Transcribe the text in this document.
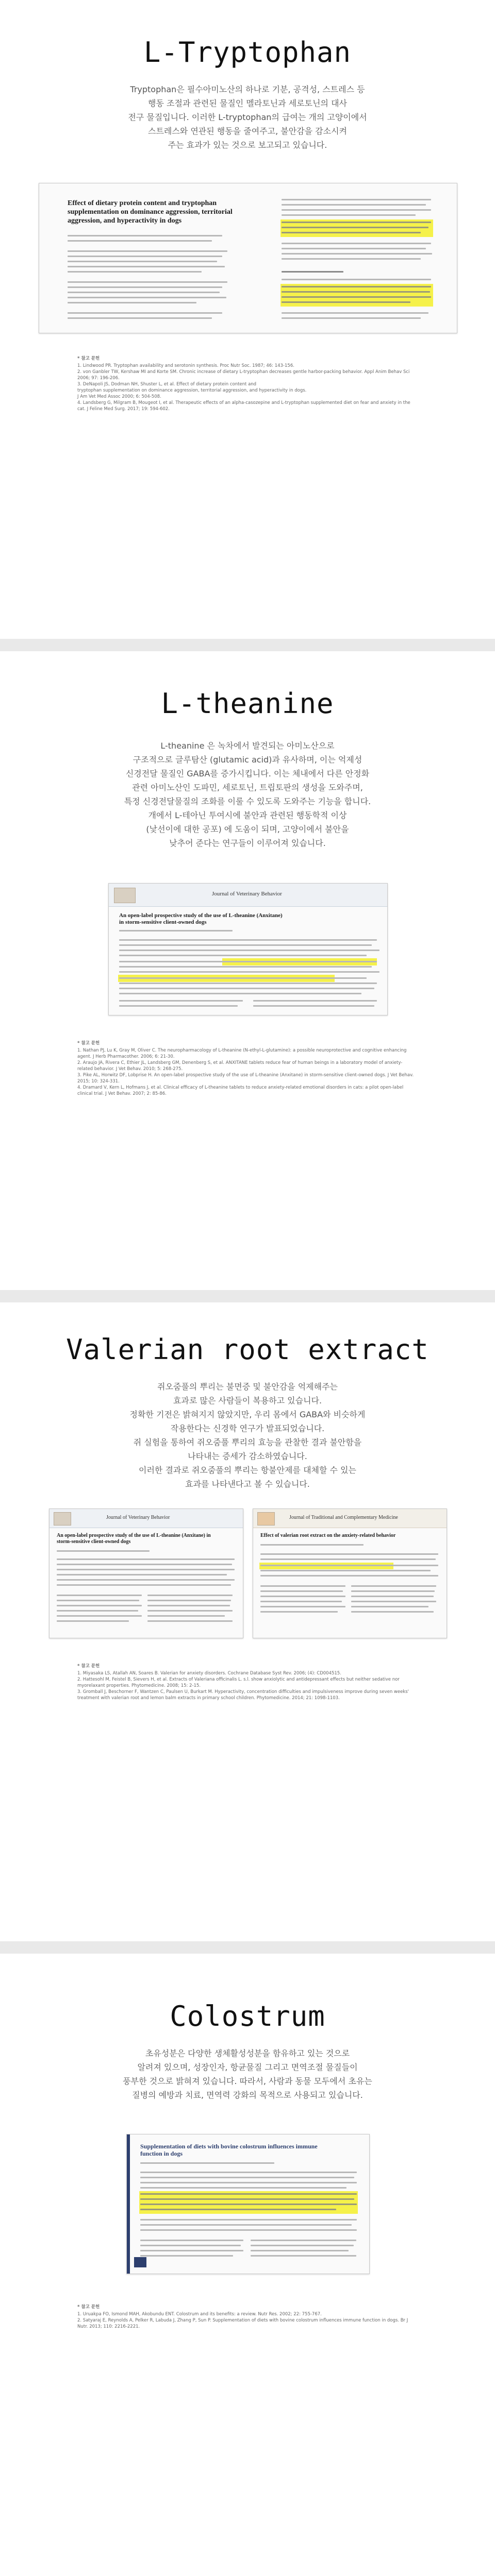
L-Tryptophan
Tryptophan은 필수아미노산의 하나로 기분, 공격성, 스트레스 등
행동 조절과 관련된 물질인 멜라토닌과 세로토닌의 대사
전구 물질입니다. 이러한 L-tryptophan의 급여는 개의 고양이에서
스트레스와 연관된 행동을 줄여주고, 불안감을 감소시켜
주는 효과가 있는 것으로 보고되고 있습니다.
Effect of dietary protein content and tryptophan supplementation on dominance aggression, territorial aggression, and hyperactivity in dogs
* 참고 문헌

1. Lindwood PR. Tryptophan availability and serotonin synthesis. Proc Nutr Soc. 1987; 46: 143-156.

2. von Ganbler TW, Kershaw MI and Korte SM. Chronic increase of dietary L-tryptophan decreases gentle harbor-packing behavior. Appl Anim Behav Sci 2006; 97: 196-206.

3. DeNapoli JS, Dodman NH, Shuster L, et al. Effect of dietary protein content and

tryptophan supplementation on dominance aggression, territorial aggression, and hyperactivity in dogs.

J Am Vet Med Assoc 2000; 6: 504-508.

4. Landsberg G, Milgram B, Mougeot I, et al. Therapeutic effects of an alpha-casozepine and L-tryptophan supplemented diet on fear and anxiety in the cat. J Feline Med Surg. 2017; 19: 594-602.

L-theanine
L-theanine 은 녹차에서 발견되는 아미노산으로
구조적으로 글루탐산 (glutamic acid)과 유사하며, 이는 억제성
신경전달 물질인 GABA를 증가시킵니다. 이는 체내에서 다른 안정화
관련 아미노산인 도파민, 세로토닌, 트립토판의 생성을 도와주며,
특정 신경전달물질의 조화를 이룰 수 있도록 도와주는 기능을 합니다.
개에서 L-테아닌 투여시에 불안과 관련된 행동학적 이상
(낯선이에 대한 공포) 에 도움이 되며, 고양이에서 불안을
낮추어 준다는 연구들이 이루어져 있습니다.
Journal of Veterinary Behavior
An open-label prospective study of the use of L-theanine (Anxitane) in storm-sensitive client-owned dogs
* 참고 문헌

1. Nathan PJ, Lu K, Gray M, Oliver C. The neuropharmacology of L-theanine (N-ethyl-L-glutamine): a possible neuroprotective and cognitive enhancing agent. J Herb Pharmacother. 2006; 6: 21-30.

2. Araujo JA, Rivera C, Ethier JL, Landsberg GM, Denenberg S, et al. ANXITANE tablets reduce fear of human beings in a laboratory model of anxiety-related behavior. J Vet Behav. 2010; 5: 268-275.

3. Pike AL, Horwitz DF, Lobprise H. An open-label prospective study of the use of L-theanine (Anxitane) in storm-sensitive client-owned dogs. J Vet Behav. 2015; 10: 324-331.

4. Dramard V, Kern L, Hofmans J, et al. Clinical efficacy of L-theanine tablets to reduce anxiety-related emotional disorders in cats: a pilot open-label clinical trial. J Vet Behav. 2007; 2: 85-86.

Valerian root extract
쥐오줌풀의 뿌리는 불면증 및 불안감을 억제해주는
효과로 많은 사람들이 복용하고 있습니다.
정확한 기전은 밝혀지지 않았지만, 우리 몸에서 GABA와 비슷하게
작용한다는 신경학 연구가 발표되었습니다.
쥐 실험을 통하여 쥐오줌풀 뿌리의 효능을 관찰한 결과 불안함을
나타내는 증세가 감소하였습니다.
이러한 결과로 쥐오줌풀의 뿌리는 항불안제를 대체할 수 있는
효과를 나타낸다고 볼 수 있습니다.
Journal of Veterinary Behavior
An open-label prospective study of the use of L-theanine (Anxitane) in storm-sensitive client-owned dogs
Journal of Traditional and Complementary Medicine
Effect of valerian root extract on the anxiety-related behavior
* 참고 문헌

1. Miyasaka LS, Atallah AN, Soares B. Valerian for anxiety disorders. Cochrane Database Syst Rev. 2006; (4): CD004515.

2. Hattesohl M, Feistel B, Sievers H, et al. Extracts of Valeriana officinalis L. s.l. show anxiolytic and antidepressant effects but neither sedative nor myorelaxant properties. Phytomedicine. 2008; 15: 2-15.

3. Gromball J, Beschorner F, Wantzen C, Paulsen U, Burkart M. Hyperactivity, concentration difficulties and impulsiveness improve during seven weeks' treatment with valerian root and lemon balm extracts in primary school children. Phytomedicine. 2014; 21: 1098-1103.

Colostrum
초유성분은 다양한 생체활성성분을 함유하고 있는 것으로
알려져 있으며, 성장인자, 항균물질 그리고 면역조절 물질들이
풍부한 것으로 밝혀져 있습니다. 따라서, 사람과 동물 모두에서 초유는
질병의 예방과 치료, 면역력 강화의 목적으로 사용되고 있습니다.
Supplementation of diets with bovine colostrum influences immune function in dogs
* 참고 문헌

1. Uruakpa FO, Ismond MAH, Akobundu ENT. Colostrum and its benefits: a review. Nutr Res. 2002; 22: 755-767.

2. Satyaraj E, Reynolds A, Pelker R, Labuda J, Zhang P, Sun P. Supplementation of diets with bovine colostrum influences immune function in dogs. Br J Nutr. 2013; 110: 2216-2221.
